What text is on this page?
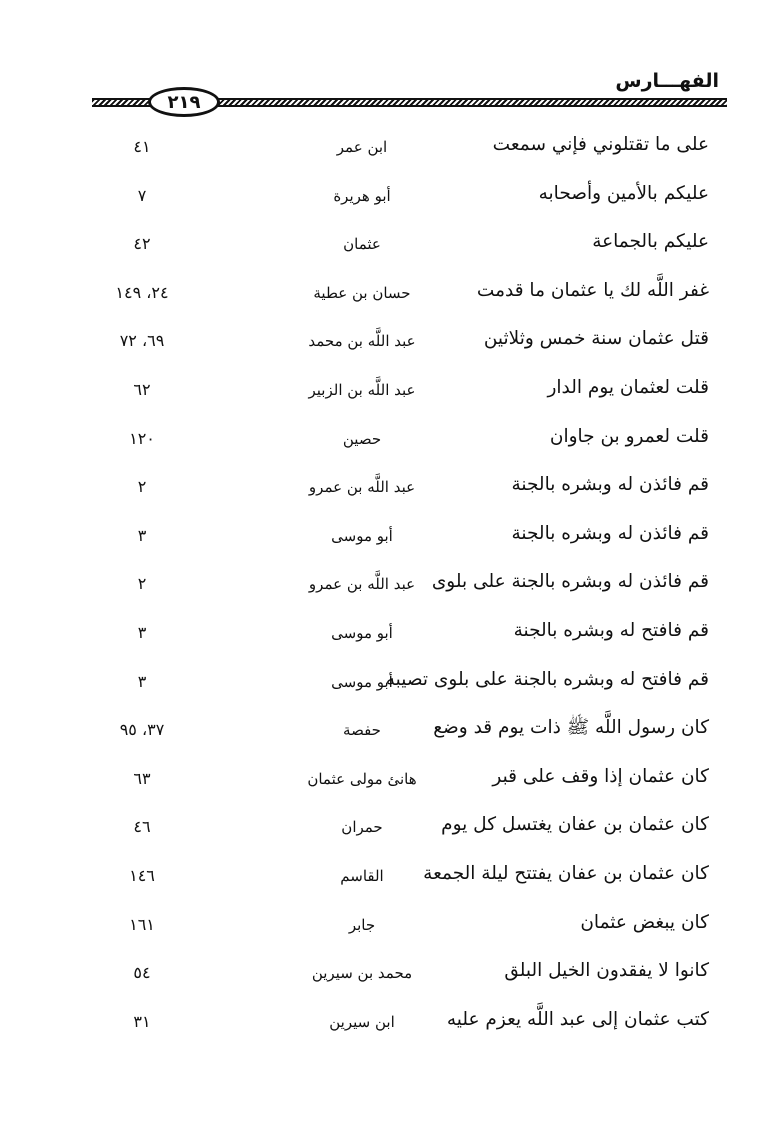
الفهـــارس
٢١٩
على ما تقتلوني فإني سمعت
ابن عمر
٤١
عليكم بالأمين وأصحابه
أبو هريرة
٧
عليكم بالجماعة
عثمان
٤٢
غفر اللَّه لك يا عثمان ما قدمت
حسان بن عطية
٢٤، ١٤٩
قتل عثمان سنة خمس وثلاثين
عبد اللَّه بن محمد
٦٩، ٧٢
قلت لعثمان يوم الدار
عبد اللَّه بن الزبير
٦٢
قلت لعمرو بن جاوان
حصين
١٢٠
قم فائذن له وبشره بالجنة
عبد اللَّه بن عمرو
٢
قم فائذن له وبشره بالجنة
أبو موسى
٣
قم فائذن له وبشره بالجنة على بلوى
عبد اللَّه بن عمرو
٢
قم فافتح له وبشره بالجنة
أبو موسى
٣
قم فافتح له وبشره بالجنة على بلوى تصيبه
أبو موسى
٣
كان رسول اللَّه ﷺ ذات يوم قد وضع
حفصة
٣٧، ٩٥
كان عثمان إذا وقف على قبر
هانئ مولى عثمان
٦٣
كان عثمان بن عفان يغتسل كل يوم
حمران
٤٦
كان عثمان بن عفان يفتتح ليلة الجمعة
القاسم
١٤٦
كان يبغض عثمان
جابر
١٦١
كانوا لا يفقدون الخيل البلق
محمد بن سيرين
٥٤
كتب عثمان إلى عبد اللَّه يعزم عليه
ابن سيرين
٣١
